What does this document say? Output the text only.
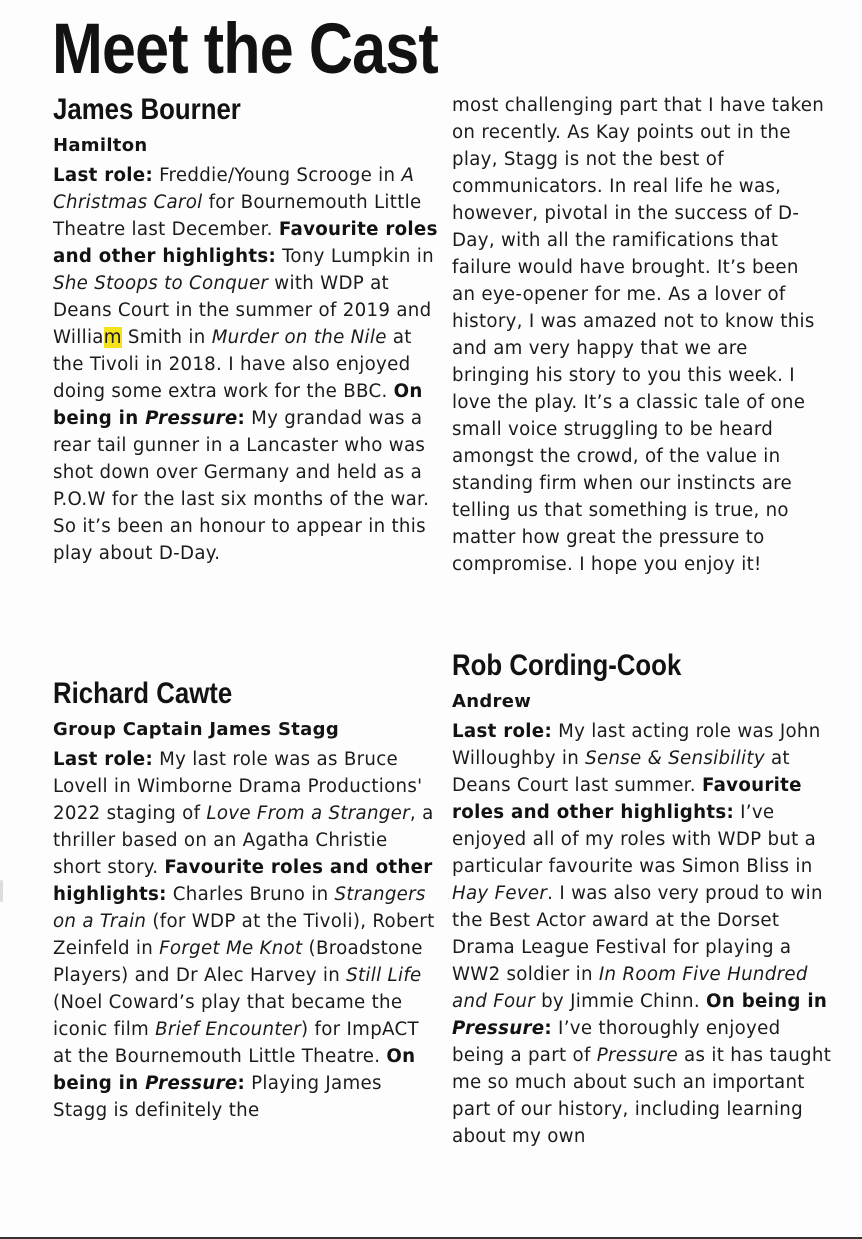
Meet the Cast
James Bourner

Hamilton

Last role: Freddie/Young Scrooge in A Christmas Carol for Bournemouth Little Theatre last December. Favourite roles and other highlights: Tony Lumpkin in She Stoops to Conquer with WDP at Deans Court in the summer of 2019 and William Smith in Murder on the Nile at the Tivoli in 2018. I have also enjoyed doing some extra work for the BBC. On being in Pressure: My grandad was a rear tail gunner in a Lancaster who was shot down over Germany and held as a P.O.W for the last six months of the war. So it’s been an honour to appear in this play about D-Day.

Richard Cawte

Group Captain James Stagg

Last role: My last role was as Bruce Lovell in Wimborne Drama Productions' 2022 staging of Love From a Stranger, a thriller based on an Agatha Christie short story. Favourite roles and other highlights: Charles Bruno in Strangers on a Train (for WDP at the Tivoli), Robert Zeinfeld in Forget Me Knot (Broadstone Players) and Dr Alec Harvey in Still Life (Noel Coward’s play that became the iconic film Brief Encounter) for ImpACT at the Bournemouth Little Theatre. On being in Pressure: Playing James Stagg is definitely the

most challenging part that I have taken on recently. As Kay points out in the play, Stagg is not the best of communicators. In real life he was, however, pivotal in the success of D-Day, with all the ramifications that failure would have brought. It’s been an eye-opener for me. As a lover of history, I was amazed not to know this and am very happy that we are bringing his story to you this week. I love the play. It’s a classic tale of one small voice struggling to be heard amongst the crowd, of the value in standing firm when our instincts are telling us that something is true, no matter how great the pressure to compromise. I hope you enjoy it!

Rob Cording-Cook

Andrew

Last role: My last acting role was John Willoughby in Sense & Sensibility at Deans Court last summer. Favourite roles and other highlights: I’ve enjoyed all of my roles with WDP but a particular favourite was Simon Bliss in Hay Fever. I was also very proud to win the Best Actor award at the Dorset Drama League Festival for playing a WW2 soldier in In Room Five Hundred and Four by Jimmie Chinn. On being in Pressure: I’ve thoroughly enjoyed being a part of Pressure as it has taught me so much about such an important part of our history, including learning about my own
